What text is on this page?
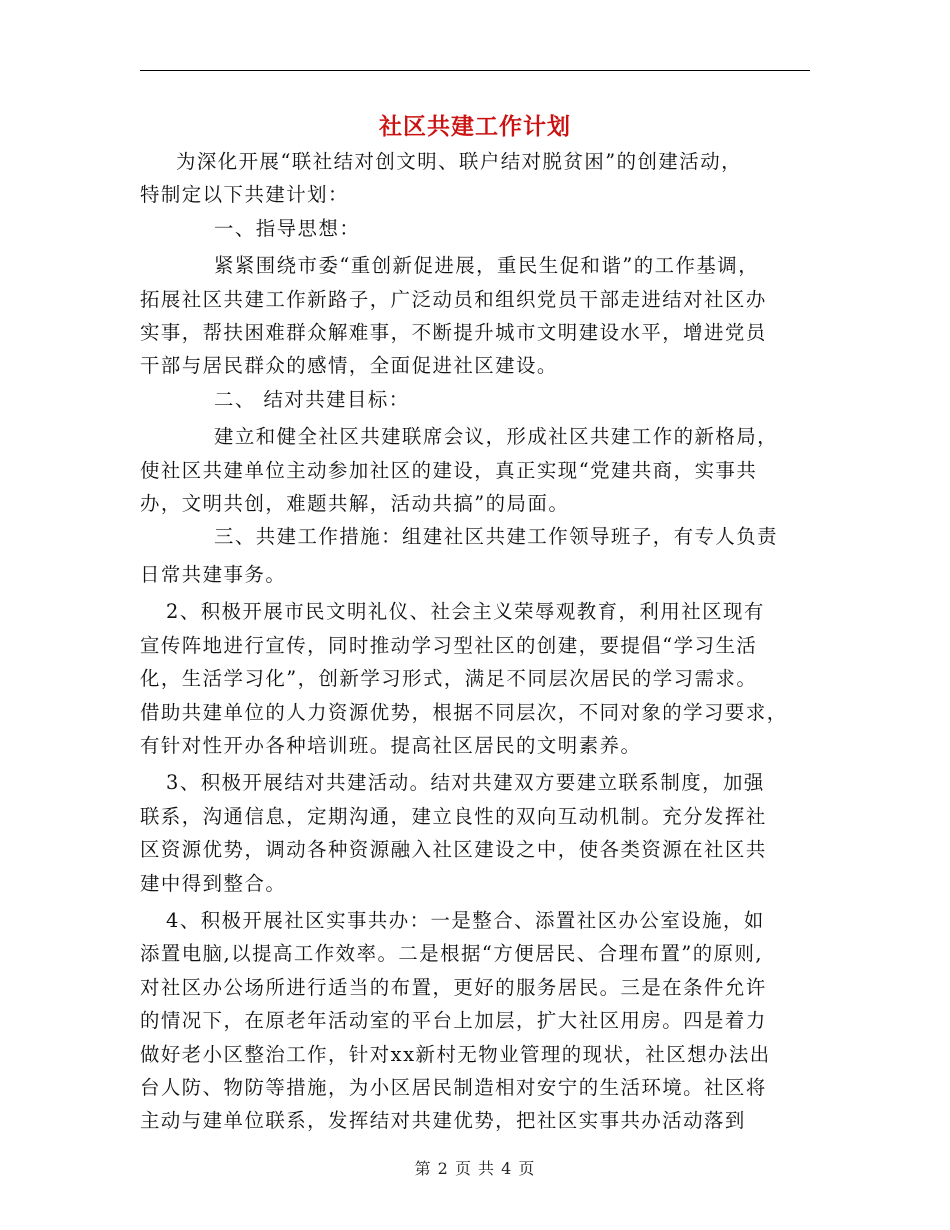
社区共建工作计划
为深化开展“联社结对创文明、联户结对脱贫困”的创建活动，
特制定以下共建计划：
一、指导思想：
紧紧围绕市委“重创新促进展，重民生促和谐”的工作基调，
拓展社区共建工作新路子，广泛动员和组织党员干部走进结对社区办
实事，帮扶困难群众解难事，不断提升城市文明建设水平，增进党员
干部与居民群众的感情，全面促进社区建设。
二、 结对共建目标：
建立和健全社区共建联席会议，形成社区共建工作的新格局，
使社区共建单位主动参加社区的建设，真正实现“党建共商，实事共
办，文明共创，难题共解，活动共搞”的局面。
三、共建工作措施：组建社区共建工作领导班子，有专人负责
日常共建事务。
2、积极开展市民文明礼仪、社会主义荣辱观教育，利用社区现有
宣传阵地进行宣传，同时推动学习型社区的创建，要提倡“学习生活
化，生活学习化”，创新学习形式，满足不同层次居民的学习需求。
借助共建单位的人力资源优势，根据不同层次，不同对象的学习要求，
有针对性开办各种培训班。提高社区居民的文明素养。
3、积极开展结对共建活动。结对共建双方要建立联系制度，加强
联系，沟通信息，定期沟通，建立良性的双向互动机制。充分发挥社
区资源优势，调动各种资源融入社区建设之中，使各类资源在社区共
建中得到整合。
4、积极开展社区实事共办：一是整合、添置社区办公室设施，如
添置电脑,以提高工作效率。二是根据“方便居民、合理布置”的原则,
对社区办公场所进行适当的布置，更好的服务居民。三是在条件允许
的情况下，在原老年活动室的平台上加层，扩大社区用房。四是着力
做好老小区整治工作，针对xx新村无物业管理的现状，社区想办法出
台人防、物防等措施，为小区居民制造相对安宁的生活环境。社区将
主动与建单位联系，发挥结对共建优势，把社区实事共办活动落到
第 2 页 共 4 页
